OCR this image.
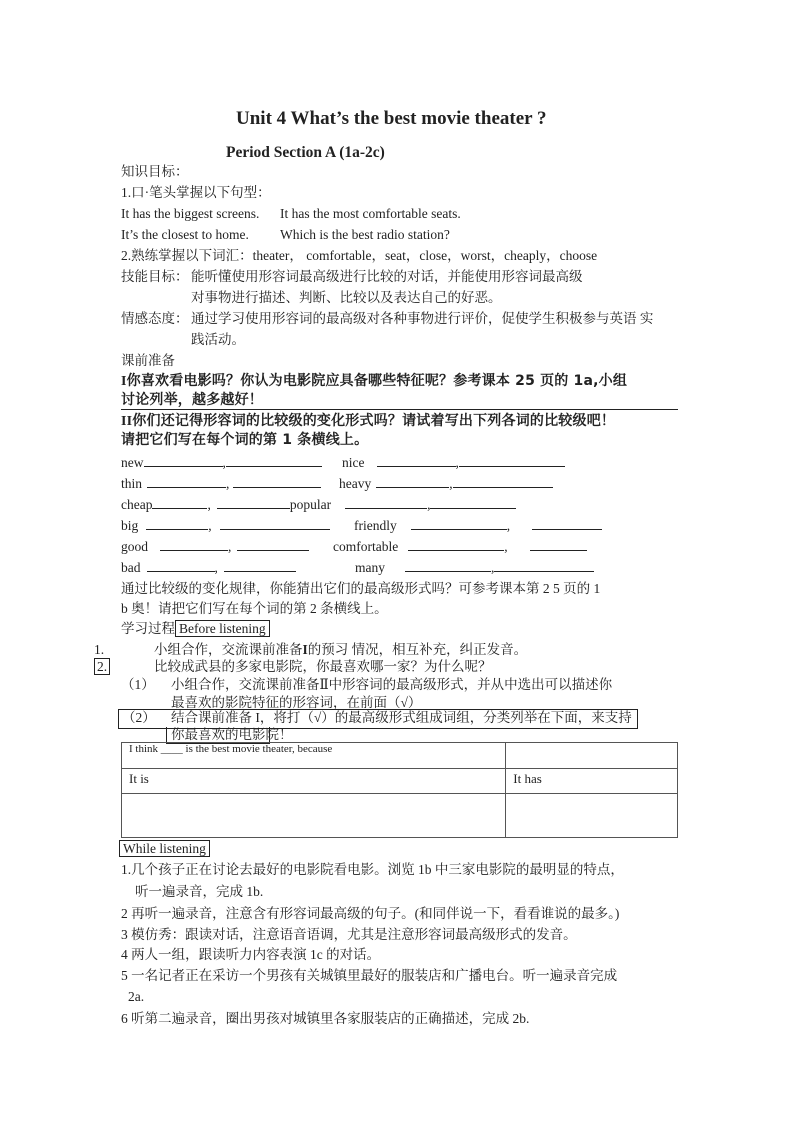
Unit 4 What’s the best movie theater ?
Period Section A (1a-2c)
知识目标：
1.口·笔头掌握以下句型：
It has the biggest screens. It has the most comfortable seats.
It’s the closest to home. Which is the best radio station?
2.熟练掌握以下词汇：theater， comfortable，seat，close，worst，cheaply，choose
技能目标： 能听懂使用形容词最高级进行比较的对话，并能使用形容词最高级
对事物进行描述、判断、比较以及表达自己的好恶。
情感态度： 通过学习使用形容词的最高级对各种事物进行评价，促使学生积极参与英语 实
践活动。
课前准备
I你喜欢看电影吗？你认为电影院应具备哪些特征呢？参考课本 25 页的 1a,小组
讨论列举，越多越好！
II你们还记得形容词的比较级的变化形式吗？请试着写出下列各词的比较级吧！
请把它们写在每个词的第 1 条横线上。
new	,	nice	,
thin	,	heavy	,
cheap	,	popular	,
big	,	friendly	,
good	,	comfortable	,
bad	,	many	,
通过比较级的变化规律，你能猜出它们的最高级形式吗？可参考课本第 2 5 页的 1
b 奥！请把它们写在每个词的第 2 条横线上。
学习过程 Before listening
1.	小组合作，交流课前准备I的预习 情况，相互补充，纠正发音。
2.	比较成武县的多家电影院，你最喜欢哪一家？为什么呢？
（1） 小组合作，交流课前准备Ⅱ中形容词的最高级形式，并从中选出可以描述你
最喜欢的影院特征的形容词，在前面（√）
（2） 结合课前准备 I，将打（√）的最高级形式组成词组，分类列举在下面，来支持
你最喜欢的电影院！
I think ____ is the best movie theater, because	
It is	It has

While listening
1.几个孩子正在讨论去最好的电影院看电影。浏览 1b 中三家电影院的最明显的特点，
听一遍录音，完成 1b.
2 再听一遍录音，注意含有形容词最高级的句子。(和同伴说一下，看看谁说的最多。)
3 模仿秀：跟读对话，注意语音语调，尤其是注意形容词最高级形式的发音。
4 两人一组，跟读听力内容表演 1c 的对话。
5 一名记者正在采访一个男孩有关城镇里最好的服装店和广播电台。听一遍录音完成
2a.
6 听第二遍录音，圈出男孩对城镇里各家服装店的正确描述，完成 2b.
